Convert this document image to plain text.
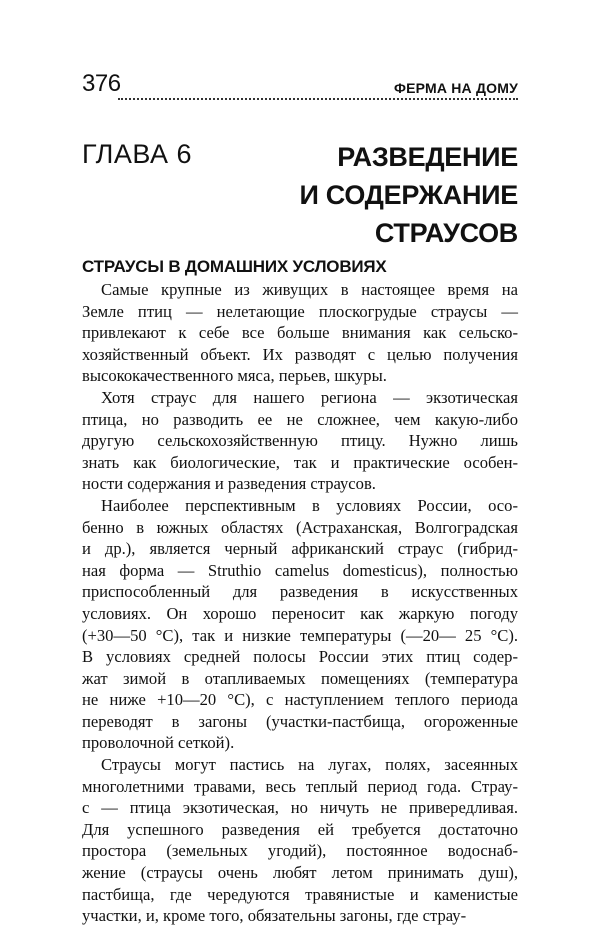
376	ФЕРМА НА ДОМУ
ГЛАВА 6	РАЗВЕДЕНИЕ
И СОДЕРЖАНИЕ
СТРАУСОВ
СТРАУСЫ В ДОМАШНИХ УСЛОВИЯХ
Самые крупные из живущих в настоящее время на
Земле птиц — нелетающие плоскогрудые страусы —
привлекают к себе все больше внимания как сельско-
хозяйственный объект. Их разводят с целью получения
высококачественного мяса, перьев, шкуры.
Хотя страус для нашего региона — экзотическая
птица, но разводить ее не сложнее, чем какую-либо
другую сельскохозяйственную птицу. Нужно лишь
знать как биологические, так и практические особен-
ности содержания и разведения страусов.
Наиболее перспективным в условиях России, осо-
бенно в южных областях (Астраханская, Волгоградская
и др.), является черный африканский страус (гибрид-
ная форма — Struthio camelus domesticus), полностью
приспособленный для разведения в искусственных
условиях. Он хорошо переносит как жаркую погоду
(+30—50 °С), так и низкие температуры (—20— 25 °С).
В условиях средней полосы России этих птиц содер-
жат зимой в отапливаемых помещениях (температура
не ниже +10—20 °С), с наступлением теплого периода
переводят в загоны (участки-пастбища, огороженные
проволочной сеткой).
Страусы могут пастись на лугах, полях, засеянных
многолетними травами, весь теплый период года. Страу-
с — птица экзотическая, но ничуть не привередливая.
Для успешного разведения ей требуется достаточно
простора (земельных угодий), постоянное водоснаб-
жение (страусы очень любят летом принимать душ),
пастбища, где чередуются травянистые и каменистые
участки, и, кроме того, обязательны загоны, где страу-
